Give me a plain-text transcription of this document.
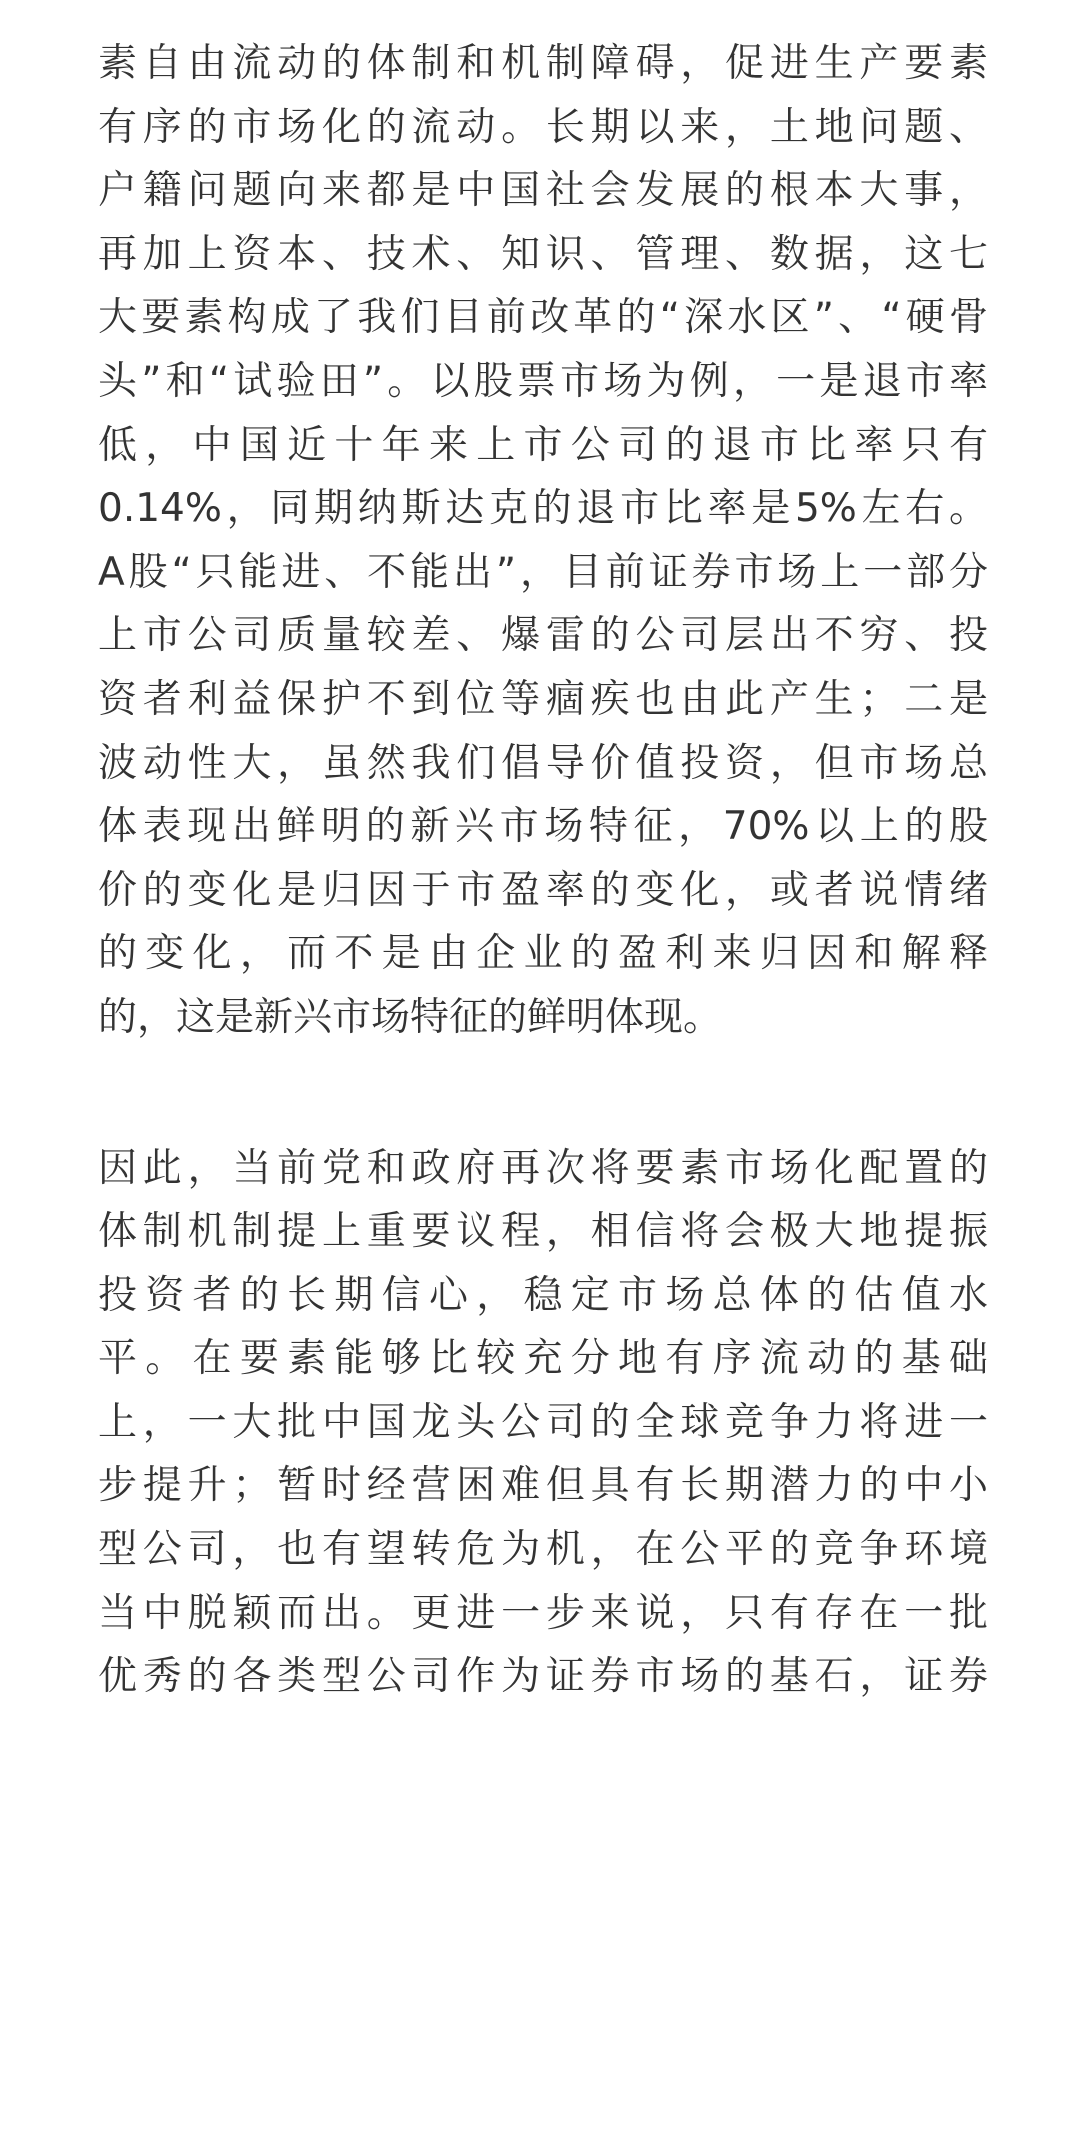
素自由流动的体制和机制障碍，促进生产要素
有序的市场化的流动。长期以来，土地问题、
户籍问题向来都是中国社会发展的根本大事，
再加上资本、技术、知识、管理、数据，这七
大要素构成了我们目前改革的“深水区”、“硬骨
头”和“试验田”。以股票市场为例，一是退市率
低，中国近十年来上市公司的退市比率只有
0.14%，同期纳斯达克的退市比率是5%左右。
A股“只能进、不能出”，目前证券市场上一部分
上市公司质量较差、爆雷的公司层出不穷、投
资者利益保护不到位等痼疾也由此产生；二是
波动性大，虽然我们倡导价值投资，但市场总
体表现出鲜明的新兴市场特征，70%以上的股
价的变化是归因于市盈率的变化，或者说情绪
的变化，而不是由企业的盈利来归因和解释
的，这是新兴市场特征的鲜明体现。
因此，当前党和政府再次将要素市场化配置的
体制机制提上重要议程，相信将会极大地提振
投资者的长期信心，稳定市场总体的估值水
平。在要素能够比较充分地有序流动的基础
上，一大批中国龙头公司的全球竞争力将进一
步提升；暂时经营困难但具有长期潜力的中小
型公司，也有望转危为机，在公平的竞争环境
当中脱颖而出。更进一步来说，只有存在一批
优秀的各类型公司作为证券市场的基石，证券
